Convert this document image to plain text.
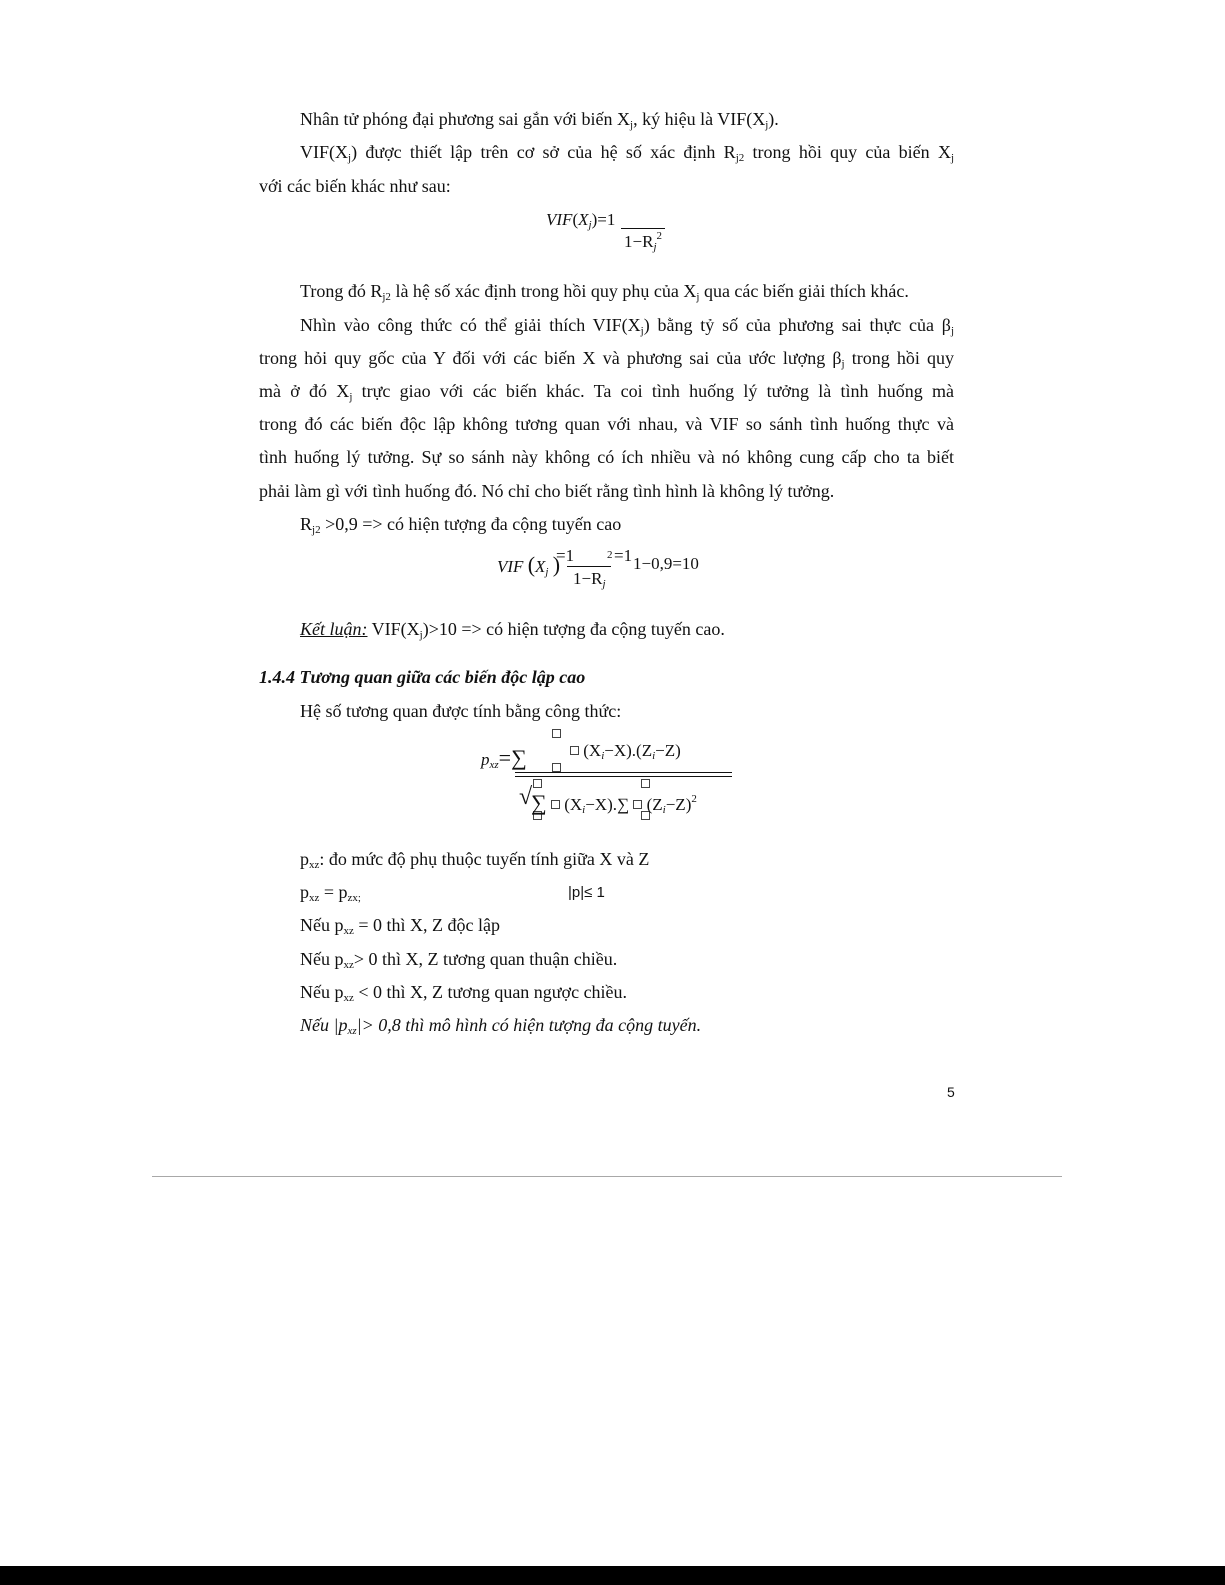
Nhân tử phóng đại phương sai gắn với biến $X_j$, ký hiệu là $VIF(X_j)$.
$VIF(X_j)$ được thiết lập trên cơ sở của hệ số xác định $R_{j2}$ trong hồi quy của biến $X_j$
với các biến khác như sau:
$VIF(X_j)=1$
$1-R_j^2$
Trong đó $R_{j2}$ là hệ số xác định trong hồi quy phụ của $X_j$ qua các biến giải thích khác.
Nhìn vào công thức có thể giải thích $VIF(X_j)$ bằng tỷ số của phương sai thực của $\beta_j$
trong hỏi quy gốc của Y đối với các biến X và phương sai của ước lượng $\beta_j$ trong hồi quy
mà ở đó $X_j$ trực giao với các biến khác. Ta coi tình huống lý tưởng là tình huống mà
trong đó các biến độc lập không tương quan với nhau, và VIF so sánh tình huống thực và
tình huống lý tưởng. Sự so sánh này không có ích nhiều và nó không cung cấp cho ta biết
phải làm gì với tình huống đó. Nó chỉ cho biết rằng tình hình là không lý tưởng.
$R_{j2} >0,9$ => có hiện tượng đa cộng tuyến cao
VIF ($X_j$ )
=1	2 =1 1−0,9=10
$1-R_j$
Kết luận: $VIF(X_j)>10$ => có hiện tượng đa cộng tuyến cao.
1.4.4 Tương quan giữa các biến độc lập cao
Hệ số tương quan được tính bằng công thức:
$p_{xz}=\sum$	$(X_i-X).(Z_i-Z)$
√
∑ $(X_i-X).\sum$ $(Z_i-Z)^2$
$p_{xz}$: đo mức độ phụ thuộc tuyến tính giữa X và Z
$p_{xz} = p_{zx;}$	|p|≤ 1
Nếu $p_{xz} = 0$ thì X, Z độc lập
Nếu $p_{xz}> 0$ thì X, Z tương quan thuận chiều.
Nếu $p_{xz} < 0$ thì X, Z tương quan ngược chiều.
Nếu $|p_{xz}|> 0,8$ thì mô hình có hiện tượng đa cộng tuyến.
5
